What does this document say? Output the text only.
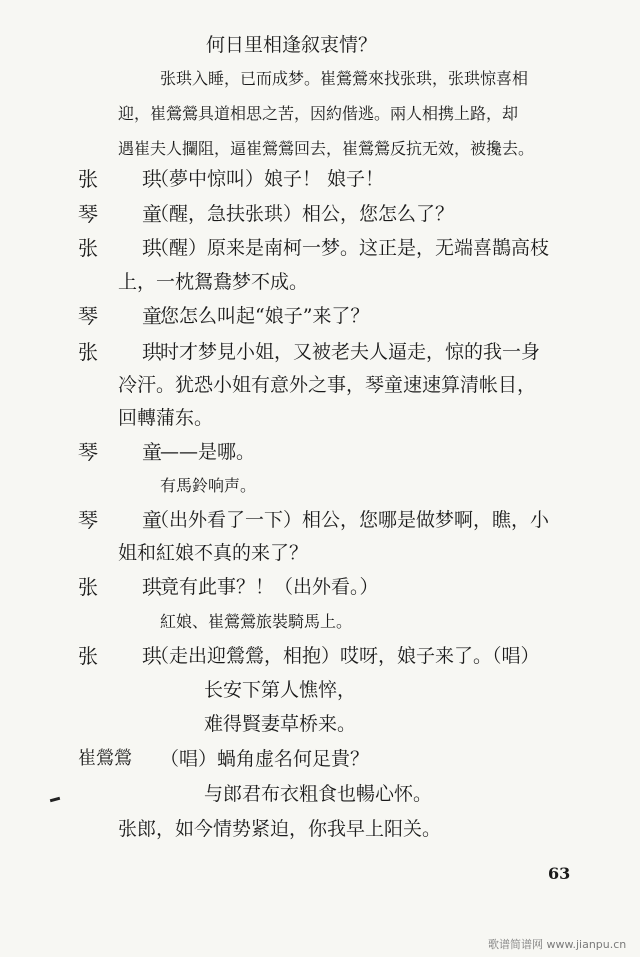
何日里相逢叙衷情？
张珙入睡，已而成梦。崔鶯鶯來找张珙，张珙惊喜相
迎，崔鶯鶯具道相思之苦，因約偕逃。兩人相携上路，却
遇崔夫人攔阻，逼崔鶯鶯回去，崔鶯鶯反抗无效，被攙去。
张　珙
（夢中惊叫）娘子！ 娘子！
琴　童
（醒，急扶张珙）相公，您怎么了？
张　珙
（醒）原来是南柯一梦。这正是，无端喜鵲高枝
上，一枕鴛鴦梦不成。
琴　童
您怎么叫起“娘子”来了？
张　珙
时才梦見小姐，又被老夫人逼走，惊的我一身
冷汗。犹恐小姐有意外之事，琴童速速算清帐目，
回轉蒲东。
琴　童
——是哪。
有馬鈴响声。
琴　童
（出外看了一下）相公，您哪是做梦啊，瞧，小
姐和紅娘不真的来了？
张　珙
竟有此事？！（出外看。）
紅娘、崔鶯鶯旅裝騎馬上。
张　珙
（走出迎鶯鶯，相抱）哎呀，娘子来了。（唱）
长安下第人憔悴，
难得賢妻草桥来。
崔鶯鶯 （唱）蝸角虚名何足貴？
与郎君布衣粗食也暢心怀。
张郎，如今情势紧迫，你我早上阳关。
63
歌谱简谱网 www.jianpu.cn
